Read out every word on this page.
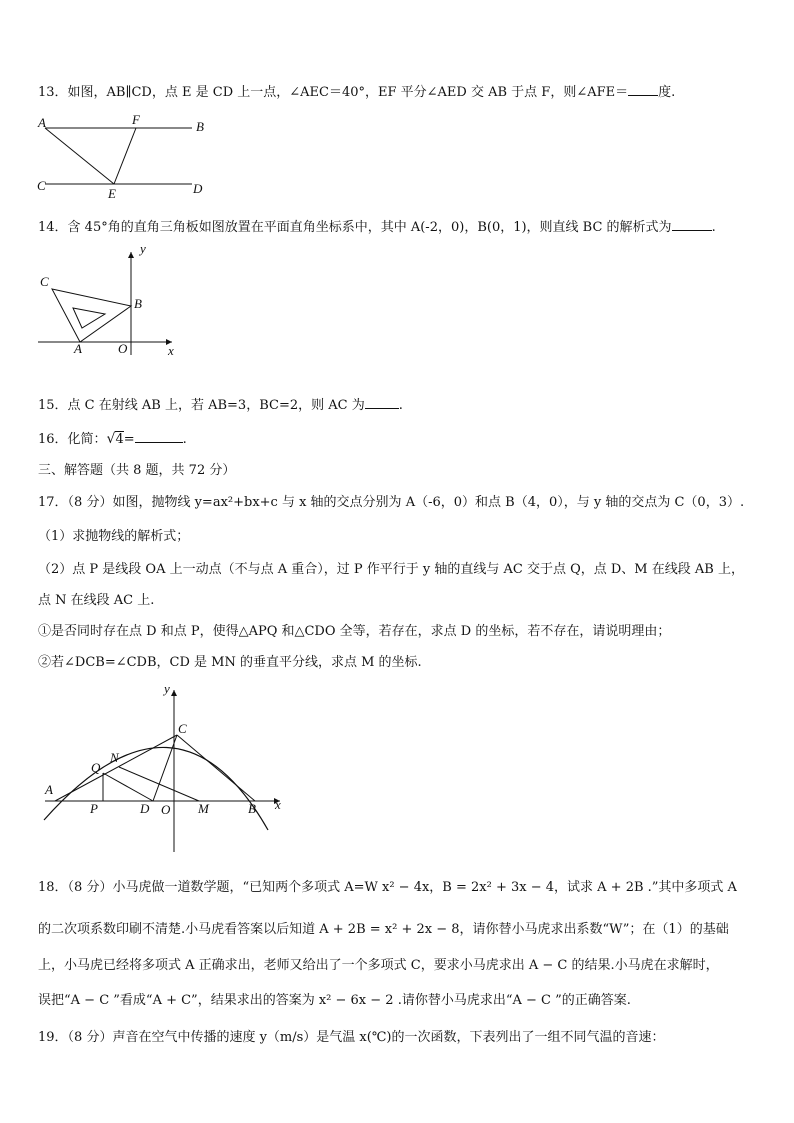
13．如图，AB∥CD，点 E 是 CD 上一点，∠AEC＝40°，EF 平分∠AED 交 AB 于点 F，则∠AFE＝ 度.
A	F	B
C
E	D
14．含 45°角的直角三角板如图放置在平面直角坐标系中，其中 A(-2，0)，B(0，1)，则直线 BC 的解析式为	.
y
C
B
A	O	x
15．点 C 在射线 AB 上，若 AB=3，BC=2，则 AC 为	.
16．化简：√4=	.
三、解答题（共 8 题，共 72 分）
17．（8 分）如图，抛物线 y=ax²+bx+c 与 x 轴的交点分别为 A（-6，0）和点 B（4，0），与 y 轴的交点为 C（0，3）.
（1）求抛物线的解析式；
（2）点 P 是线段 OA 上一动点（不与点 A 重合），过 P 作平行于 y 轴的直线与 AC 交于点 Q，点 D、M 在线段 AB 上，
点 N 在线段 AC 上.
①是否同时存在点 D 和点 P，使得△APQ 和△CDO 全等，若存在，求点 D 的坐标，若不存在，请说明理由；
②若∠DCB=∠CDB，CD 是 MN 的垂直平分线，求点 M 的坐标.
y
C
N
Q
A
P	D O M	B x
18．（8 分）小马虎做一道数学题，“已知两个多项式 A=W x² − 4x，B = 2x² + 3x − 4，试求 A + 2B .”其中多项式 A
的二次项系数印刷不清楚.小马虎看答案以后知道 A + 2B = x² + 2x − 8，请你替小马虎求出系数“W”；在（1）的基础
上，小马虎已经将多项式 A 正确求出，老师又给出了一个多项式 C，要求小马虎求出 A − C 的结果.小马虎在求解时，
误把“A − C ”看成“A + C”，结果求出的答案为 x² − 6x − 2 .请你替小马虎求出“A − C ”的正确答案.
19．（8 分）声音在空气中传播的速度 y（m/s）是气温 x(℃)的一次函数，下表列出了一组不同气温的音速：
